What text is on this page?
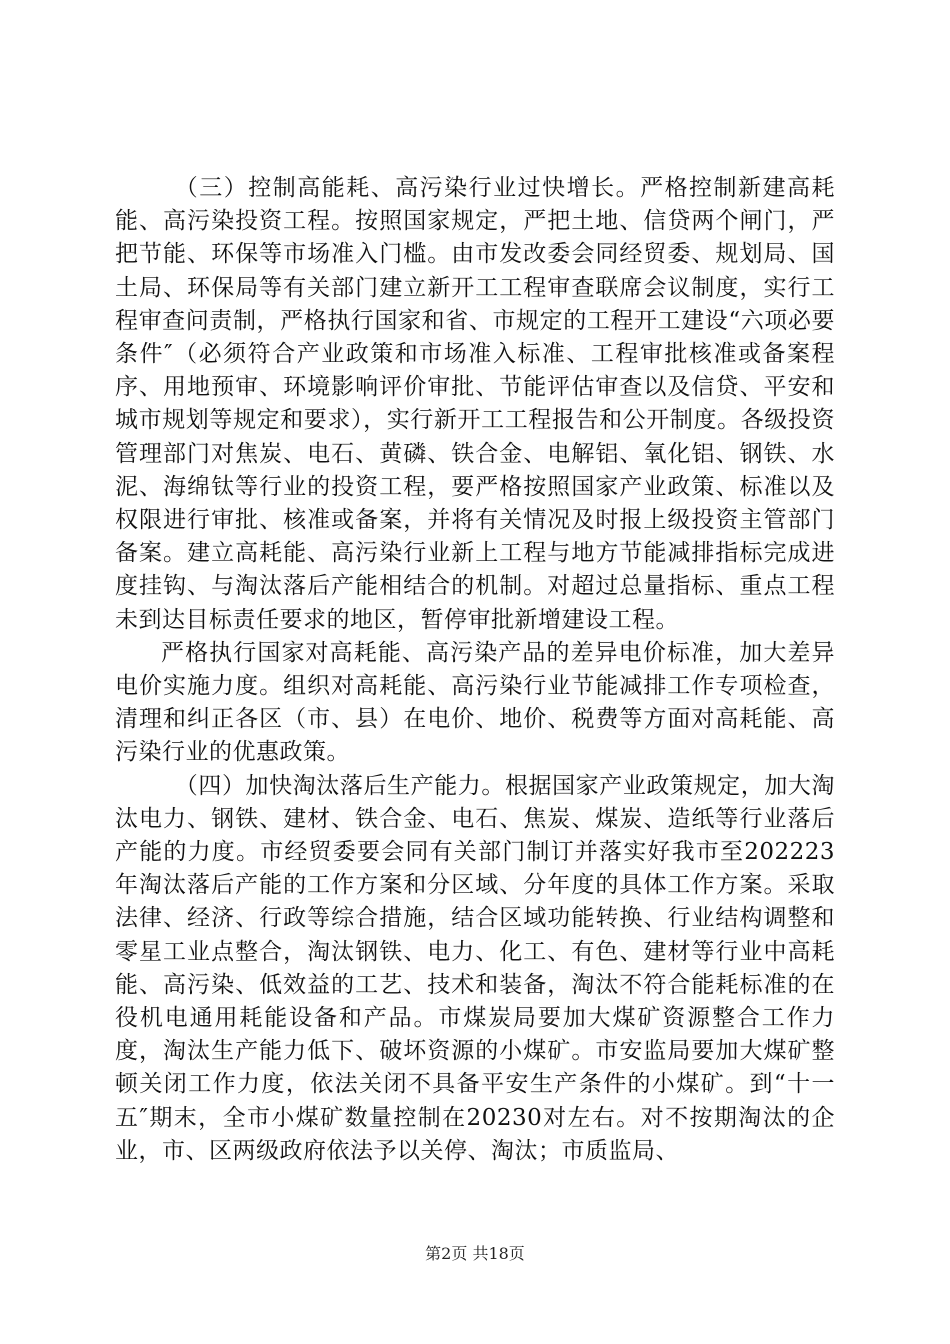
（三）控制高能耗、高污染行业过快增长。严格控制新建高耗能、高污染投资工程。按照国家规定，严把土地、信贷两个闸门，严把节能、环保等市场准入门槛。由市发改委会同经贸委、规划局、国土局、环保局等有关部门建立新开工工程审查联席会议制度，实行工程审查问责制，严格执行国家和省、市规定的工程开工建设“六项必要条件″（必须符合产业政策和市场准入标准、工程审批核准或备案程序、用地预审、环境影响评价审批、节能评估审查以及信贷、平安和城市规划等规定和要求），实行新开工工程报告和公开制度。各级投资管理部门对焦炭、电石、黄磷、铁合金、电解铝、氧化铝、钢铁、水泥、海绵钛等行业的投资工程，要严格按照国家产业政策、标准以及权限进行审批、核准或备案，并将有关情况及时报上级投资主管部门备案。建立高耗能、高污染行业新上工程与地方节能减排指标完成进度挂钩、与淘汰落后产能相结合的机制。对超过总量指标、重点工程未到达目标责任要求的地区，暂停审批新增建设工程。

严格执行国家对高耗能、高污染产品的差异电价标准，加大差异电价实施力度。组织对高耗能、高污染行业节能减排工作专项检查，清理和纠正各区（市、县）在电价、地价、税费等方面对高耗能、高污染行业的优惠政策。

（四）加快淘汰落后生产能力。根据国家产业政策规定，加大淘汰电力、钢铁、建材、铁合金、电石、焦炭、煤炭、造纸等行业落后产能的力度。市经贸委要会同有关部门制订并落实好我市至202223年淘汰落后产能的工作方案和分区域、分年度的具体工作方案。采取法律、经济、行政等综合措施，结合区域功能转换、行业结构调整和零星工业点整合，淘汰钢铁、电力、化工、有色、建材等行业中高耗能、高污染、低效益的工艺、技术和装备，淘汰不符合能耗标准的在役机电通用耗能设备和产品。市煤炭局要加大煤矿资源整合工作力度，淘汰生产能力低下、破坏资源的小煤矿。市安监局要加大煤矿整顿关闭工作力度，依法关闭不具备平安生产条件的小煤矿。到“十一五″期末，全市小煤矿数量控制在20230对左右。对不按期淘汰的企业，市、区两级政府依法予以关停、淘汰；市质监局、

第2页 共18页
